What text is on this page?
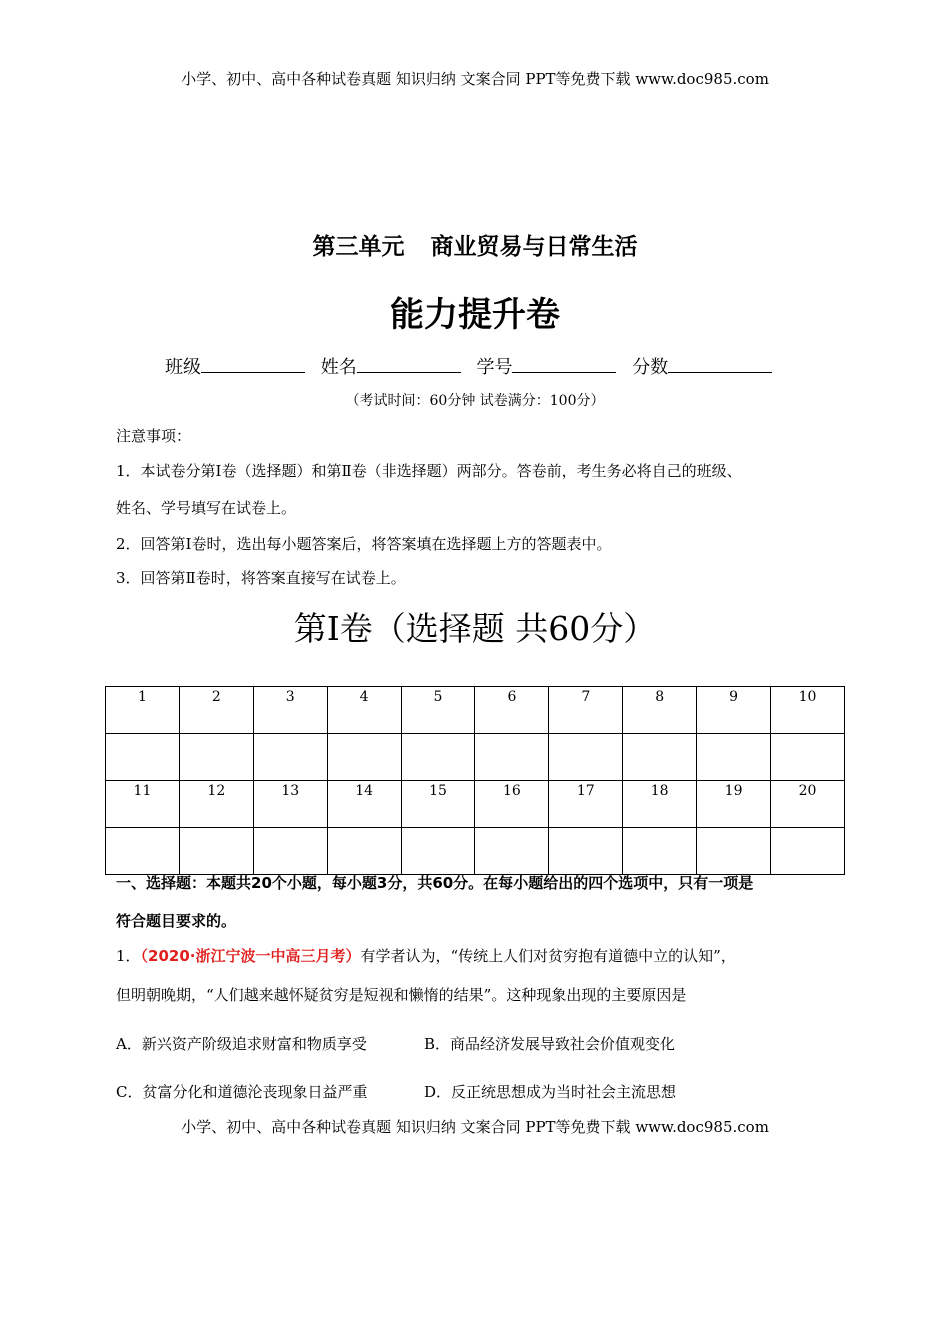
小学、初中、高中各种试卷真题 知识归纳 文案合同 PPT等免费下载 www.doc985.com
第三单元 商业贸易与日常生活
能力提升卷
班级	姓名	学号	分数
（考试时间：60分钟 试卷满分：100分）
注意事项：
1．本试卷分第Ⅰ卷（选择题）和第Ⅱ卷（非选择题）两部分。答卷前，考生务必将自己的班级、
姓名、学号填写在试卷上。
2．回答第Ⅰ卷时，选出每小题答案后，将答案填在选择题上方的答题表中。
3．回答第Ⅱ卷时，将答案直接写在试卷上。
第Ⅰ卷（选择题 共60分）
1	2	3	4	5	6	7	8	9	10

11	12	13	14	15	16	17	18	19	20

一、选择题：本题共20个小题，每小题3分，共60分。在每小题给出的四个选项中，只有一项是
符合题目要求的。
1．（2020·浙江宁波一中高三月考）有学者认为，“传统上人们对贫穷抱有道德中立的认知”，
但明朝晚期，“人们越来越怀疑贫穷是短视和懒惰的结果”。这种现象出现的主要原因是
A．新兴资产阶级追求财富和物质享受	B．商品经济发展导致社会价值观变化
C．贫富分化和道德沦丧现象日益严重	D．反正统思想成为当时社会主流思想
小学、初中、高中各种试卷真题 知识归纳 文案合同 PPT等免费下载 www.doc985.com
